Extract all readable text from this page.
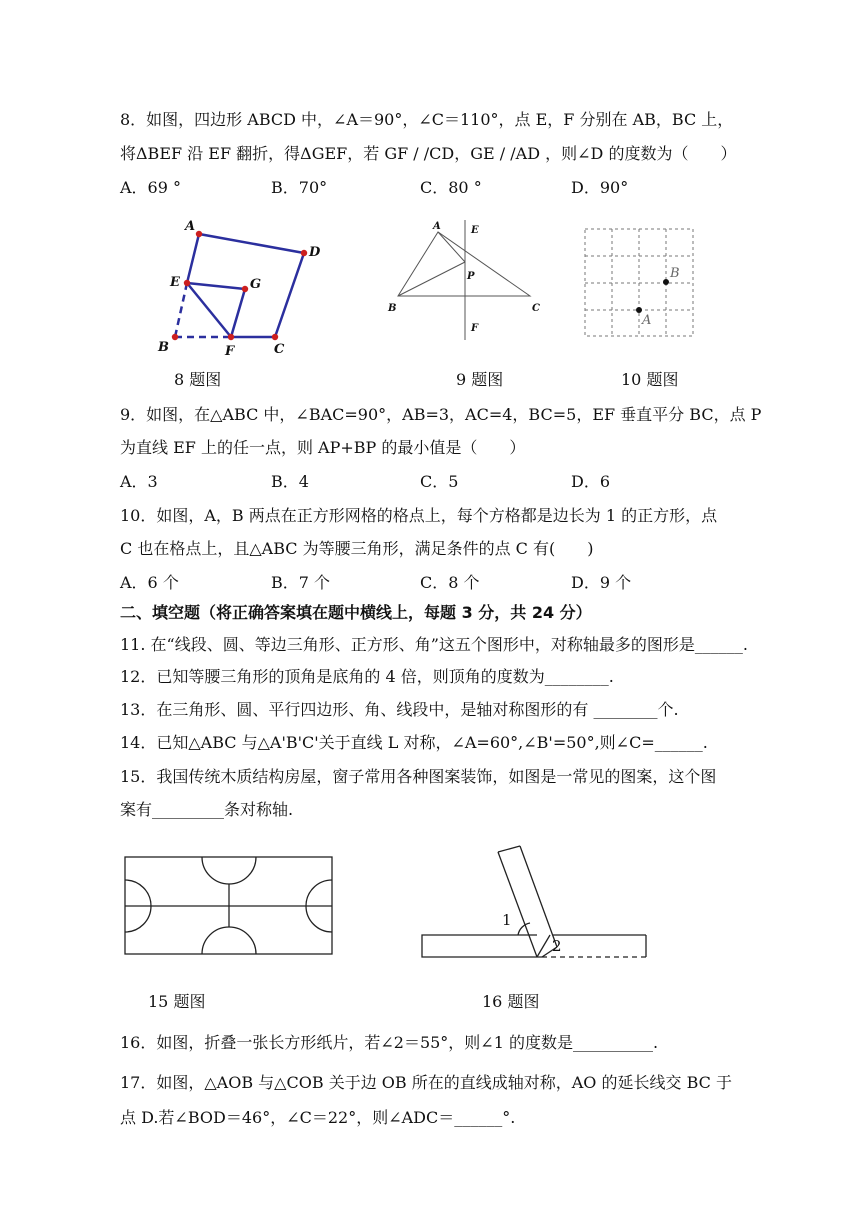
8．如图，四边形 ABCD 中，∠A＝90°，∠C＝110°，点 E，F 分别在 AB，BC 上，
将ΔBEF 沿 EF 翻折，得ΔGEF，若 GF / /CD，GE / /AD ，则∠D 的度数为（　　）
A．69 °	B．70°	C．80 °	D．90°
A
D
E	G
B	F	C
A	E
P
B	C
F
B
A
8 题图	9 题图	10 题图
9．如图，在△ABC 中，∠BAC=90°，AB=3，AC=4，BC=5，EF 垂直平分 BC，点 P
为直线 EF 上的任一点，则 AP+BP 的最小值是（　　）
A．3	B．4	C．5	D．6
10．如图，A，B 两点在正方形网格的格点上，每个方格都是边长为 1 的正方形，点
C 也在格点上，且△ABC 为等腰三角形，满足条件的点 C 有(　　)
A．6 个	B．7 个	C．8 个	D．9 个
二、填空题（将正确答案填在题中横线上，每题 3 分，共 24 分）
11. 在“线段、圆、等边三角形、正方形、角”这五个图形中，对称轴最多的图形是______.
12．已知等腰三角形的顶角是底角的 4 倍，则顶角的度数为________.
13．在三角形、圆、平行四边形、角、线段中，是轴对称图形的有 ________个.
14．已知△ABC 与△A'B'C'关于直线 L 对称，∠A=60°,∠B'=50°,则∠C=______.
15．我国传统木质结构房屋，窗子常用各种图案装饰，如图是一常见的图案，这个图
案有_________条对称轴.
1
2
15 题图	16 题图
16．如图，折叠一张长方形纸片，若∠2＝55°，则∠1 的度数是__________.
17．如图，△AOB 与△COB 关于边 OB 所在的直线成轴对称，AO 的延长线交 BC 于
点 D.若∠BOD＝46°，∠C＝22°，则∠ADC＝______°.
